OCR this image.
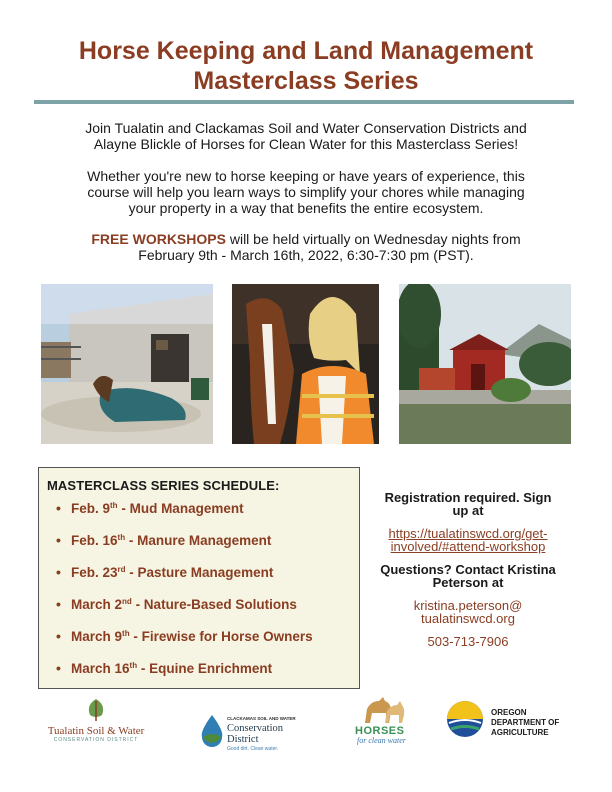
Horse Keeping and Land Management
Masterclass Series
Join Tualatin and Clackamas Soil and Water Conservation Districts and
Alayne Blickle of Horses for Clean Water for this Masterclass Series!
Whether you're new to horse keeping or have years of experience, this
course will help you learn ways to simplify your chores while managing
your property in a way that benefits the entire ecosystem.
FREE WORKSHOPS will be held virtually on Wednesday nights from
February 9th - March 16th, 2022, 6:30-7:30 pm (PST).
MASTERCLASS SERIES SCHEDULE:
• Feb. 9th - Mud Management
• Feb. 16th - Manure Management
• Feb. 23rd - Pasture Management
• March 2nd - Nature-Based Solutions
• March 9th - Firewise for Horse Owners
• March 16th - Equine Enrichment
Registration required. Sign
up at
https://tualatinswcd.org/get-
involved/#attend-workshop
Questions? Contact Kristina
Peterson at
kristina.peterson@
tualatinswcd.org
503-713-7906
Tualatin Soil & Water
CONSERVATION DISTRICT
CLACKAMAS SOIL AND WATER
Conservation
District
Good dirt. Clean water.
HORSES
for clean water
OREGON
DEPARTMENT OF
AGRICULTURE
